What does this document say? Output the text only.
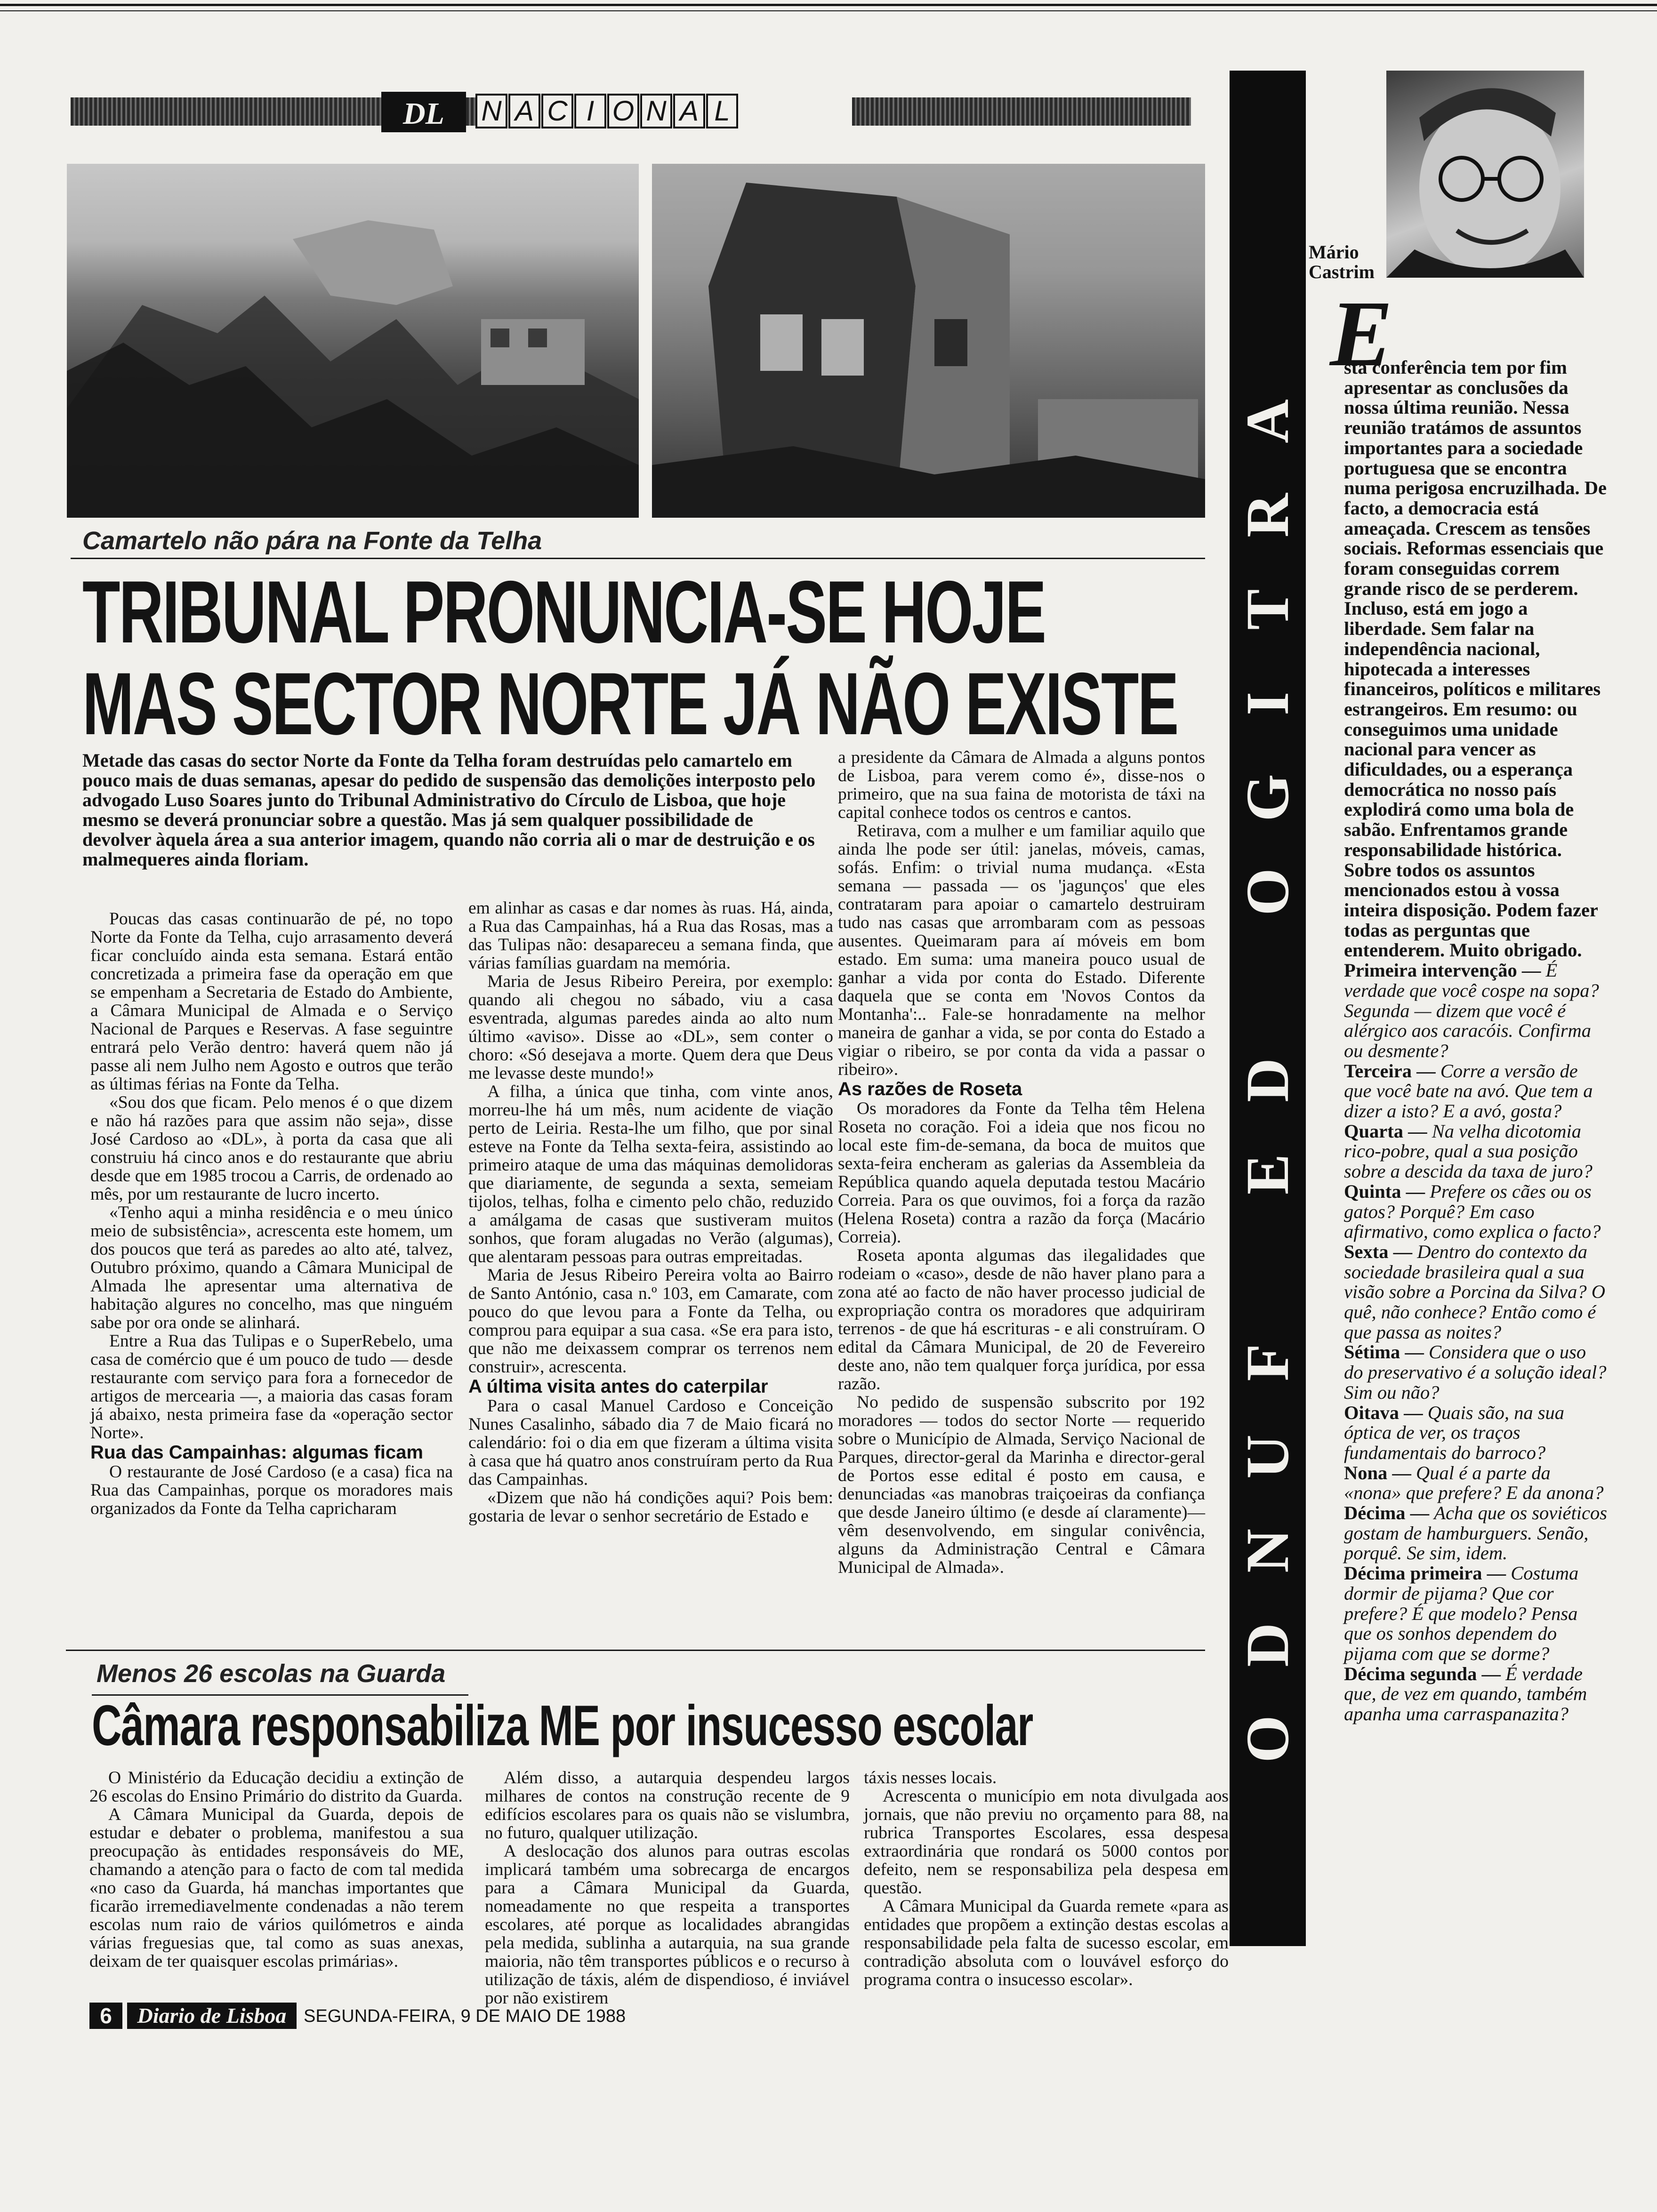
DL	N A C I O N A L
Camartelo não pára na Fonte da Telha
TRIBUNAL PRONUNCIA-SE HOJE
MAS SECTOR NORTE JÁ NÃO EXISTE
Metade das casas do sector Norte da Fonte da Telha foram destruídas pelo camartelo em pouco mais de duas semanas, apesar do pedido de suspensão das demolições interposto pelo advogado Luso Soares junto do Tribunal Administrativo do Círculo de Lisboa, que hoje mesmo se deverá pronunciar sobre a questão. Mas já sem qualquer possibilidade de devolver àquela área a sua anterior imagem, quando não corria ali o mar de destruição e os malmequeres ainda floriam.

Poucas das casas continuarão de pé, no topo Norte da Fonte da Telha, cujo arrasamento deverá ficar concluído ainda esta semana. Estará então concretizada a primeira fase da operação em que se empenham a Secretaria de Estado do Ambiente, a Câmara Municipal de Almada e o Serviço Nacional de Parques e Reservas. A fase seguintre entrará pelo Verão dentro: haverá quem não já passe ali nem Julho nem Agosto e outros que terão as últimas férias na Fonte da Telha.

«Sou dos que ficam. Pelo menos é o que dizem e não há razões para que assim não seja», disse José Cardoso ao «DL», à porta da casa que ali construiu há cinco anos e do restaurante que abriu desde que em 1985 trocou a Carris, de ordenado ao mês, por um restaurante de lucro incerto.

«Tenho aqui a minha residência e o meu único meio de subsistência», acrescenta este homem, um dos poucos que terá as paredes ao alto até, talvez, Outubro próximo, quando a Câmara Municipal de Almada lhe apresentar uma alternativa de habitação algures no concelho, mas que ninguém sabe por ora onde se alinhará.

Entre a Rua das Tulipas e o SuperRebelo, uma casa de comércio que é um pouco de tudo — desde restaurante com serviço para fora a fornecedor de artigos de mercearia —, a maioria das casas foram já abaixo, nesta primeira fase da «operação sector Norte».

Rua das Campainhas: algumas ficam

O restaurante de José Cardoso (e a casa) fica na Rua das Campainhas, porque os moradores mais organizados da Fonte da Telha capricharam

em alinhar as casas e dar nomes às ruas. Há, ainda, a Rua das Campainhas, há a Rua das Rosas, mas a das Tulipas não: desapareceu a semana finda, que várias famílias guardam na memória.

Maria de Jesus Ribeiro Pereira, por exemplo: quando ali chegou no sábado, viu a casa esventrada, algumas paredes ainda ao alto num último «aviso». Disse ao «DL», sem conter o choro: «Só desejava a morte. Quem dera que Deus me levasse deste mundo!»

A filha, a única que tinha, com vinte anos, morreu-lhe há um mês, num acidente de viação perto de Leiria. Resta-lhe um filho, que por sinal esteve na Fonte da Telha sexta-feira, assistindo ao primeiro ataque de uma das máquinas demolidoras que diariamente, de segunda a sexta, semeiam tijolos, telhas, folha e cimento pelo chão, reduzido a amálgama de casas que sustiveram muitos sonhos, que foram alugadas no Verão (algumas), que alentaram pessoas para outras empreitadas.

Maria de Jesus Ribeiro Pereira volta ao Bairro de Santo António, casa n.º 103, em Camarate, com pouco do que levou para a Fonte da Telha, ou comprou para equipar a sua casa. «Se era para isto, que não me deixassem comprar os terrenos nem construir», acrescenta.

A última visita antes do caterpilar

Para o casal Manuel Cardoso e Conceição Nunes Casalinho, sábado dia 7 de Maio ficará no calendário: foi o dia em que fizeram a última visita à casa que há quatro anos construíram perto da Rua das Campainhas.

«Dizem que não há condições aqui? Pois bem: gostaria de levar o senhor secretário de Estado e

a presidente da Câmara de Almada a alguns pontos de Lisboa, para verem como é», disse-nos o primeiro, que na sua faina de motorista de táxi na capital conhece todos os centros e cantos.

Retirava, com a mulher e um familiar aquilo que ainda lhe pode ser útil: janelas, móveis, camas, sofás. Enfim: o trivial numa mudança. «Esta semana — passada — os 'jagunços' que eles contrataram para apoiar o camartelo destruiram tudo nas casas que arrombaram com as pessoas ausentes. Queimaram para aí móveis em bom estado. Em suma: uma maneira pouco usual de ganhar a vida por conta do Estado. Diferente daquela que se conta em 'Novos Contos da Montanha':.. Fale-se honradamente na melhor maneira de ganhar a vida, se por conta do Estado a vigiar o ribeiro, se por conta da vida a passar o ribeiro».

As razões de Roseta

Os moradores da Fonte da Telha têm Helena Roseta no coração. Foi a ideia que nos ficou no local este fim-de-semana, da boca de muitos que sexta-feira encheram as galerias da Assembleia da República quando aquela deputada testou Macário Correia. Para os que ouvimos, foi a força da razão (Helena Roseta) contra a razão da força (Macário Correia).

Roseta aponta algumas das ilegalidades que rodeiam o «caso», desde de não haver plano para a zona até ao facto de não haver processo judicial de expropriação contra os moradores que adquiriram terrenos - de que há escrituras - e ali construíram. O edital da Câmara Municipal, de 20 de Fevereiro deste ano, não tem qualquer força jurídica, por essa razão.

No pedido de suspensão subscrito por 192 moradores — todos do sector Norte — requerido sobre o Município de Almada, Serviço Nacional de Parques, director-geral da Marinha e director-geral de Portos esse edital é posto em causa, e denunciadas «as manobras traiçoeiras da confiança que desde Janeiro último (e desde aí claramente)— vêm desenvolvendo, em singular conivência, alguns da Administração Central e Câmara Municipal de Almada».

Menos 26 escolas na Guarda
Câmara responsabiliza ME por insucesso escolar

O Ministério da Educação decidiu a extinção de 26 escolas do Ensino Primário do distrito da Guarda.

A Câmara Municipal da Guarda, depois de estudar e debater o problema, manifestou a sua preocupação às entidades responsáveis do ME, chamando a atenção para o facto de com tal medida «no caso da Guarda, há manchas importantes que ficarão irremediavelmente condenadas a não terem escolas num raio de vários quilómetros e ainda várias freguesias que, tal como as suas anexas, deixam de ter quaisquer escolas primárias».

Além disso, a autarquia despendeu largos milhares de contos na construção recente de 9 edifícios escolares para os quais não se vislumbra, no futuro, qualquer utilização.

A deslocação dos alunos para outras escolas implicará também uma sobrecarga de encargos para a Câmara Municipal da Guarda, nomeadamente no que respeita a transportes escolares, até porque as localidades abrangidas pela medida, sublinha a autarquia, na sua grande maioria, não têm transportes públicos e o recurso à utilização de táxis, além de dispendioso, é inviável por não existirem

táxis nesses locais.

Acrescenta o município em nota divulgada aos jornais, que não previu no orçamento para 88, na rubrica Transportes Escolares, essa despesa extraordinária que rondará os 5000 contos por defeito, nem se responsabiliza pela despesa em questão.

A Câmara Municipal da Guarda remete «para as entidades que propõem a extinção destas escolas a responsabilidade pela falta de sucesso escolar, em contradição absoluta com o louvável esforço do programa contra o insucesso escolar».

A
R
T
I
G
O
D
E
F
U
N
D
O
Mário
Castrim
E
sta conferência tem por fim apresentar as conclusões da nossa última reunião. Nessa reunião tratámos de assuntos importantes para a sociedade portuguesa que se encontra numa perigosa encruzilhada. De facto, a democracia está ameaçada. Crescem as tensões sociais. Reformas essenciais que foram conseguidas correm grande risco de se perderem. Incluso, está em jogo a liberdade. Sem falar na independência nacional, hipotecada a interesses financeiros, políticos e militares estrangeiros. Em resumo: ou conseguimos uma unidade nacional para vencer as dificuldades, ou a esperança democrática no nosso país explodirá como uma bola de sabão. Enfrentamos grande responsabilidade histórica. Sobre todos os assuntos mencionados estou à vossa inteira disposição. Podem fazer todas as perguntas que entenderem. Muito obrigado.
Primeira intervenção — É verdade que você cospe na sopa?
Segunda — dizem que você é alérgico aos caracóis. Confirma ou desmente?
Terceira — Corre a versão de que você bate na avó. Que tem a dizer a isto? E a avó, gosta?
Quarta — Na velha dicotomia rico-pobre, qual a sua posição sobre a descida da taxa de juro?
Quinta — Prefere os cães ou os gatos? Porquê? Em caso afirmativo, como explica o facto?
Sexta — Dentro do contexto da sociedade brasileira qual a sua visão sobre a Porcina da Silva? O quê, não conhece? Então como é que passa as noites?
Sétima — Considera que o uso do preservativo é a solução ideal? Sim ou não?
Oitava — Quais são, na sua óptica de ver, os traços fundamentais do barroco?
Nona — Qual é a parte da «nona» que prefere? E da anona?
Décima — Acha que os soviéticos gostam de hamburguers. Senão, porquê. Se sim, idem.
Décima primeira — Costuma dormir de pijama? Que cor prefere? É que modelo? Pensa que os sonhos dependem do pijama com que se dorme?
Décima segunda — É verdade que, de vez em quando, também apanha uma carraspanazita?
6	Diario de Lisboa SEGUNDA-FEIRA, 9 DE MAIO DE 1988
